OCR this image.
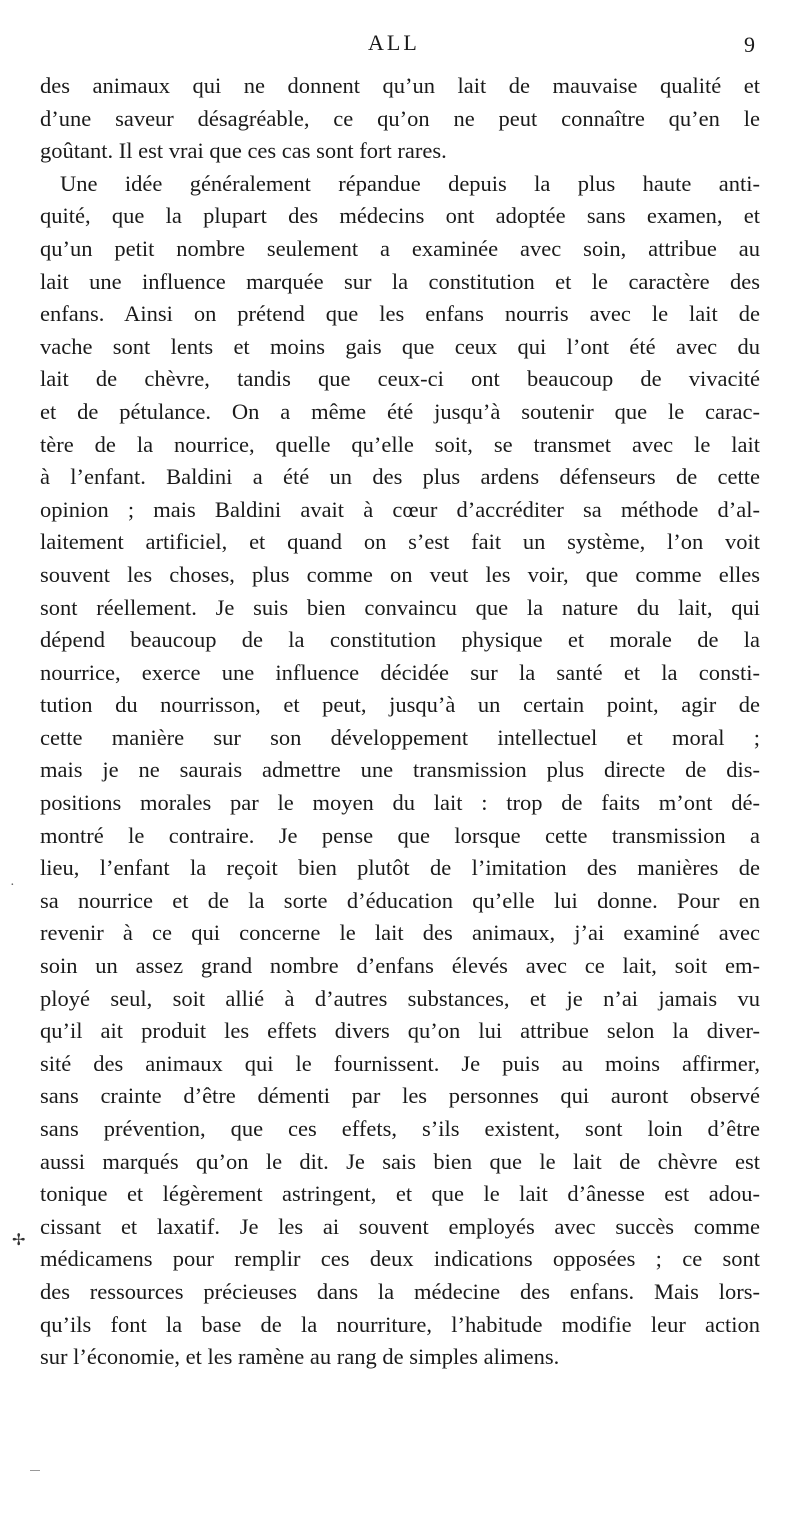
ALL	9
des animaux qui ne donnent qu’un lait de mauvaise qualité et
d’une saveur désagréable, ce qu’on ne peut connaître qu’en le
goûtant. Il est vrai que ces cas sont fort rares.
Une idée généralement répandue depuis la plus haute anti-
quité, que la plupart des médecins ont adoptée sans examen, et
qu’un petit nombre seulement a examinée avec soin, attribue au
lait une influence marquée sur la constitution et le caractère des
enfans. Ainsi on prétend que les enfans nourris avec le lait de
vache sont lents et moins gais que ceux qui l’ont été avec du
lait de chèvre, tandis que ceux-ci ont beaucoup de vivacité
et de pétulance. On a même été jusqu’à soutenir que le carac-
tère de la nourrice, quelle qu’elle soit, se transmet avec le lait
à l’enfant. Baldini a été un des plus ardens défenseurs de cette
opinion ; mais Baldini avait à cœur d’accréditer sa méthode d’al-
laitement artificiel, et quand on s’est fait un système, l’on voit
souvent les choses, plus comme on veut les voir, que comme elles
sont réellement. Je suis bien convaincu que la nature du lait, qui
dépend beaucoup de la constitution physique et morale de la
nourrice, exerce une influence décidée sur la santé et la consti-
tution du nourrisson, et peut, jusqu’à un certain point, agir de
cette manière sur son développement intellectuel et moral ;
mais je ne saurais admettre une transmission plus directe de dis-
positions morales par le moyen du lait : trop de faits m’ont dé-
montré le contraire. Je pense que lorsque cette transmission a
lieu, l’enfant la reçoit bien plutôt de l’imitation des manières de
sa nourrice et de la sorte d’éducation qu’elle lui donne. Pour en
revenir à ce qui concerne le lait des animaux, j’ai examiné avec
soin un assez grand nombre d’enfans élevés avec ce lait, soit em-
ployé seul, soit allié à d’autres substances, et je n’ai jamais vu
qu’il ait produit les effets divers qu’on lui attribue selon la diver-
sité des animaux qui le fournissent. Je puis au moins affirmer,
sans crainte d’être démenti par les personnes qui auront observé
sans prévention, que ces effets, s’ils existent, sont loin d’être
aussi marqués qu’on le dit. Je sais bien que le lait de chèvre est
tonique et légèrement astringent, et que le lait d’ânesse est adou-
cissant et laxatif. Je les ai souvent employés avec succès comme
médicamens pour remplir ces deux indications opposées ; ce sont
des ressources précieuses dans la médecine des enfans. Mais lors-
qu’ils font la base de la nourriture, l’habitude modifie leur action
sur l’économie, et les ramène au rang de simples alimens.
·
✢
